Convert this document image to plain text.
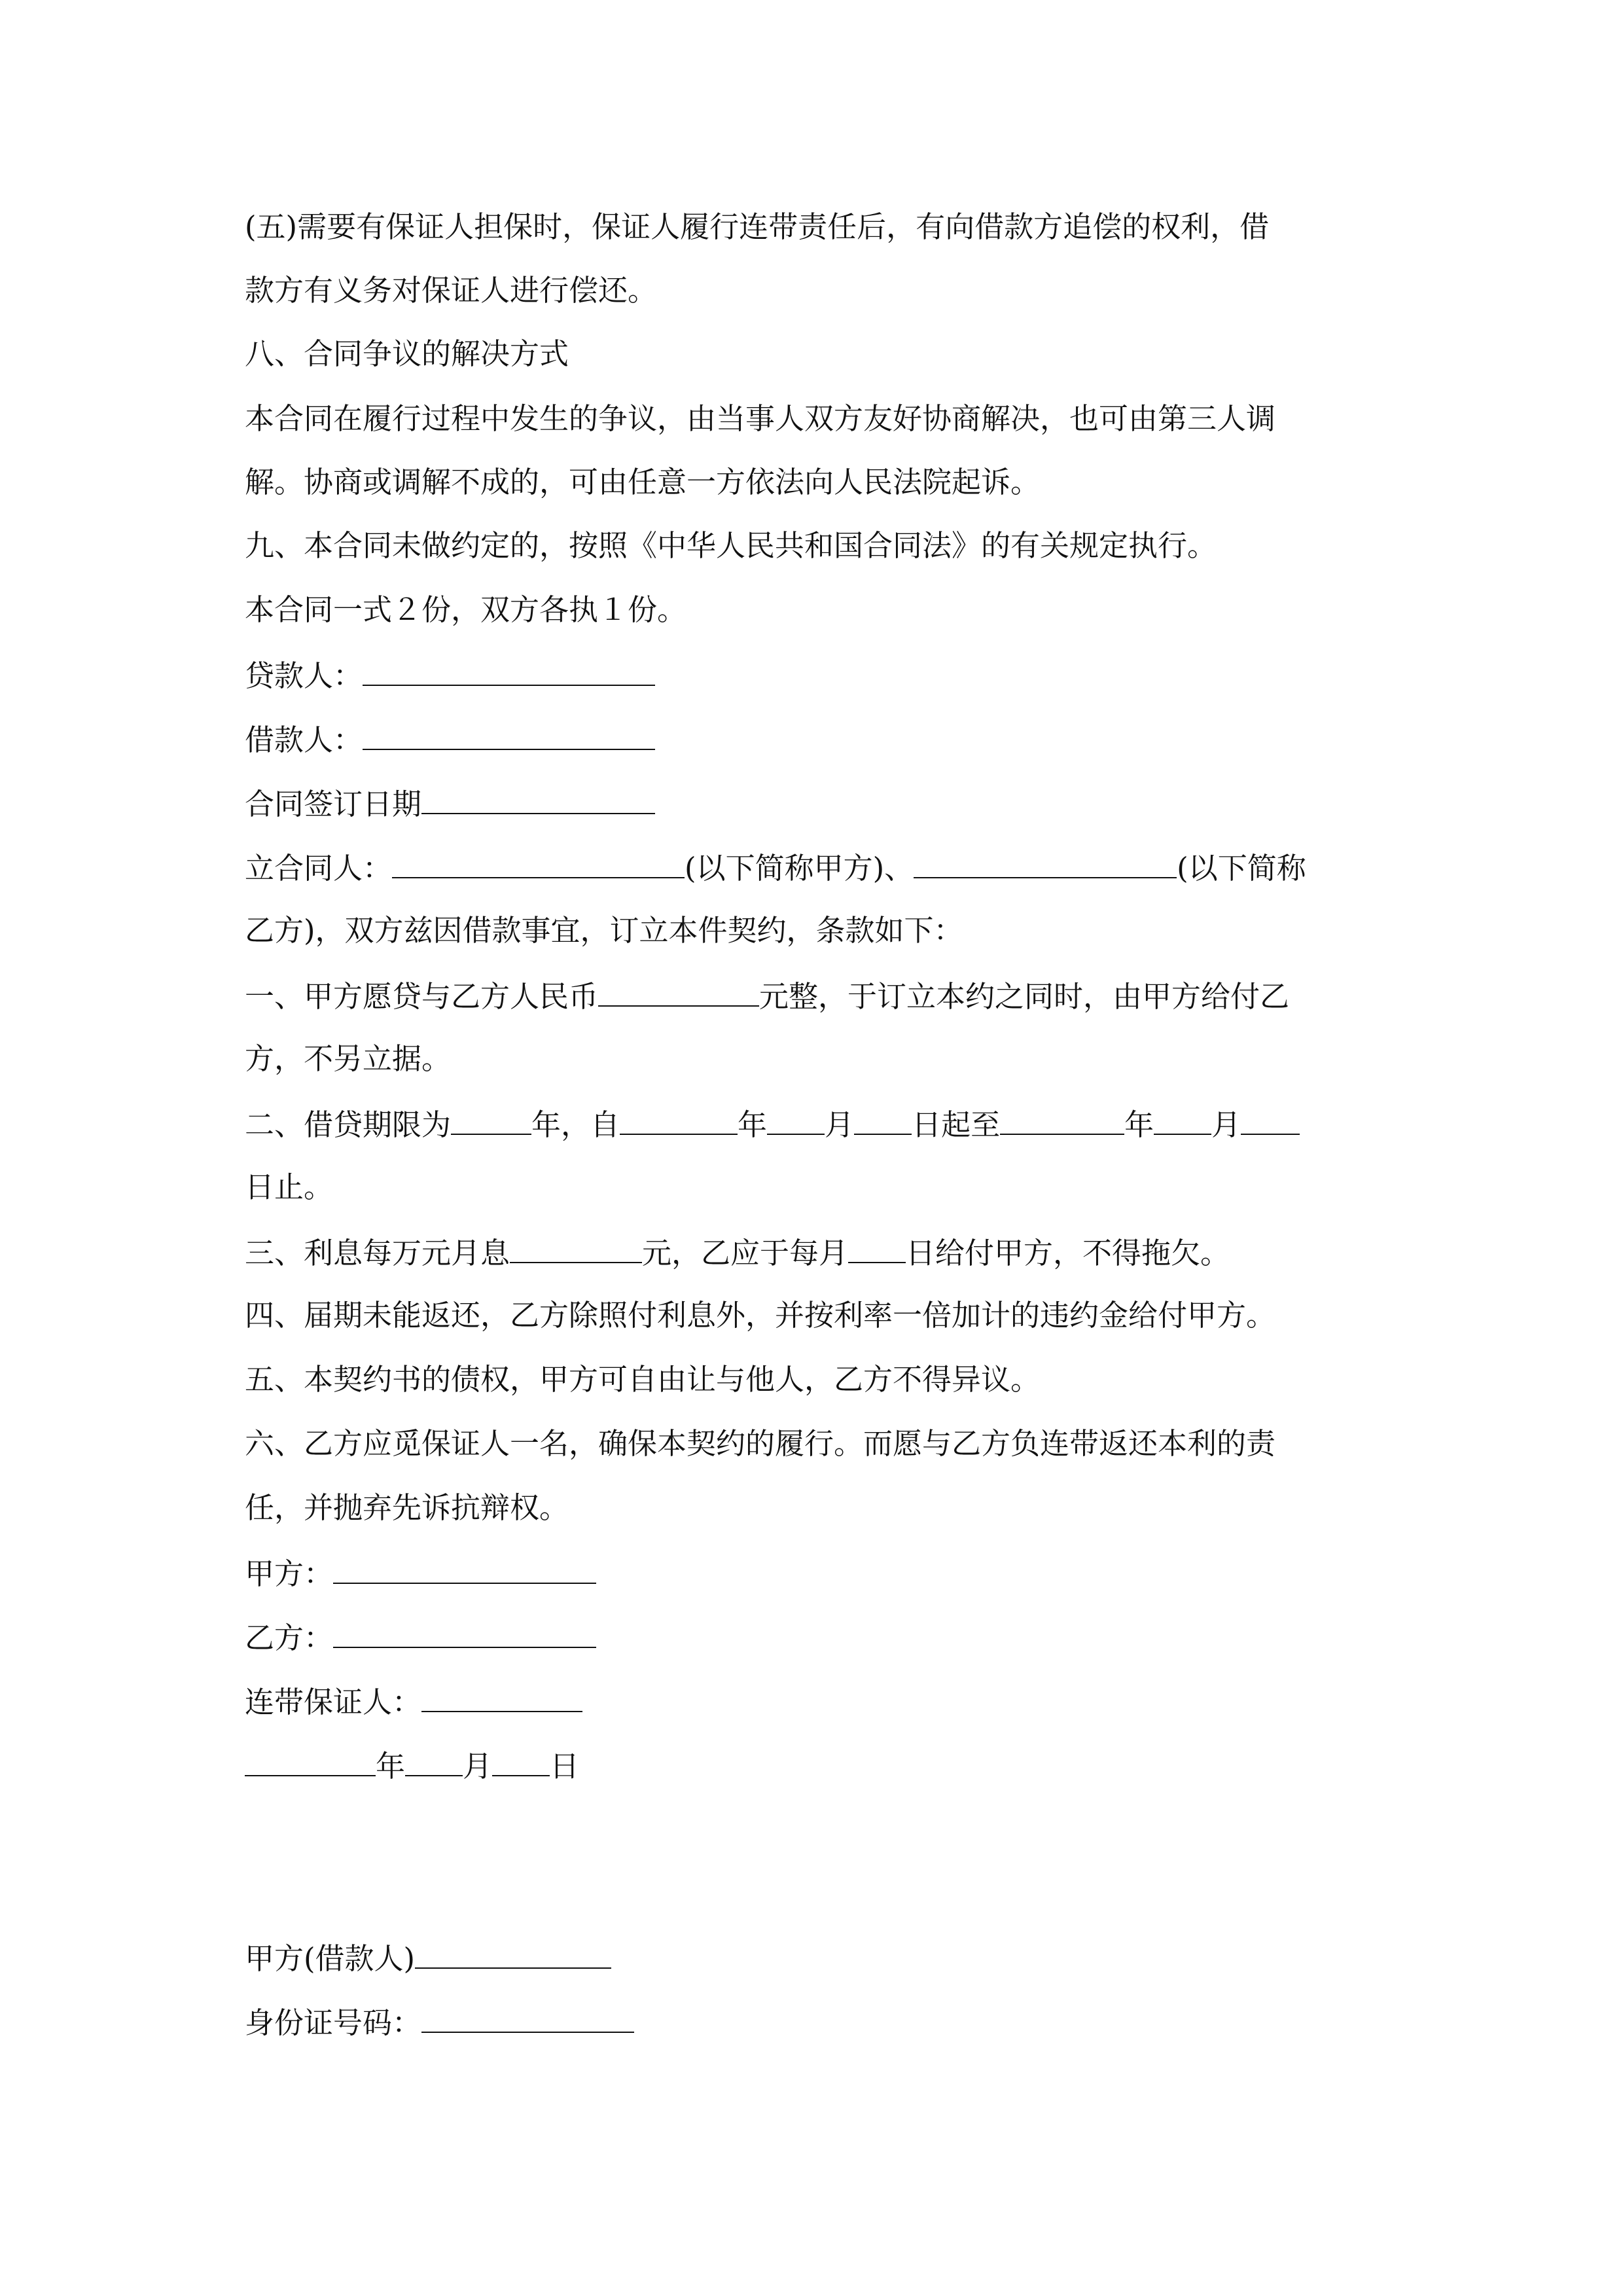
(五)需要有保证人担保时，保证人履行连带责任后，有向借款方追偿的权利，借
款方有义务对保证人进行偿还。
八、合同争议的解决方式
本合同在履行过程中发生的争议，由当事人双方友好协商解决，也可由第三人调
解。协商或调解不成的，可由任意一方依法向人民法院起诉。
九、本合同未做约定的，按照《中华人民共和国合同法》的有关规定执行。
本合同一式２份，双方各执１份。
贷款人：
借款人：
合同签订日期
立合同人：	(以下简称甲方)、	(以下简称
乙方)，双方兹因借款事宜，订立本件契约，条款如下：
一、甲方愿贷与乙方人民币	元整，于订立本约之同时，由甲方给付乙
方，不另立据。
二、借贷期限为	年，自	年 月 日起至	年 月
日止。
三、利息每万元月息	元，乙应于每月 日给付甲方，不得拖欠。
四、届期未能返还，乙方除照付利息外，并按利率一倍加计的违约金给付甲方。
五、本契约书的债权，甲方可自由让与他人，乙方不得异议。
六、乙方应觅保证人一名，确保本契约的履行。而愿与乙方负连带返还本利的责
任，并抛弃先诉抗辩权。
甲方：
乙方：
连带保证人：
年 月 日
甲方(借款人)
身份证号码：
